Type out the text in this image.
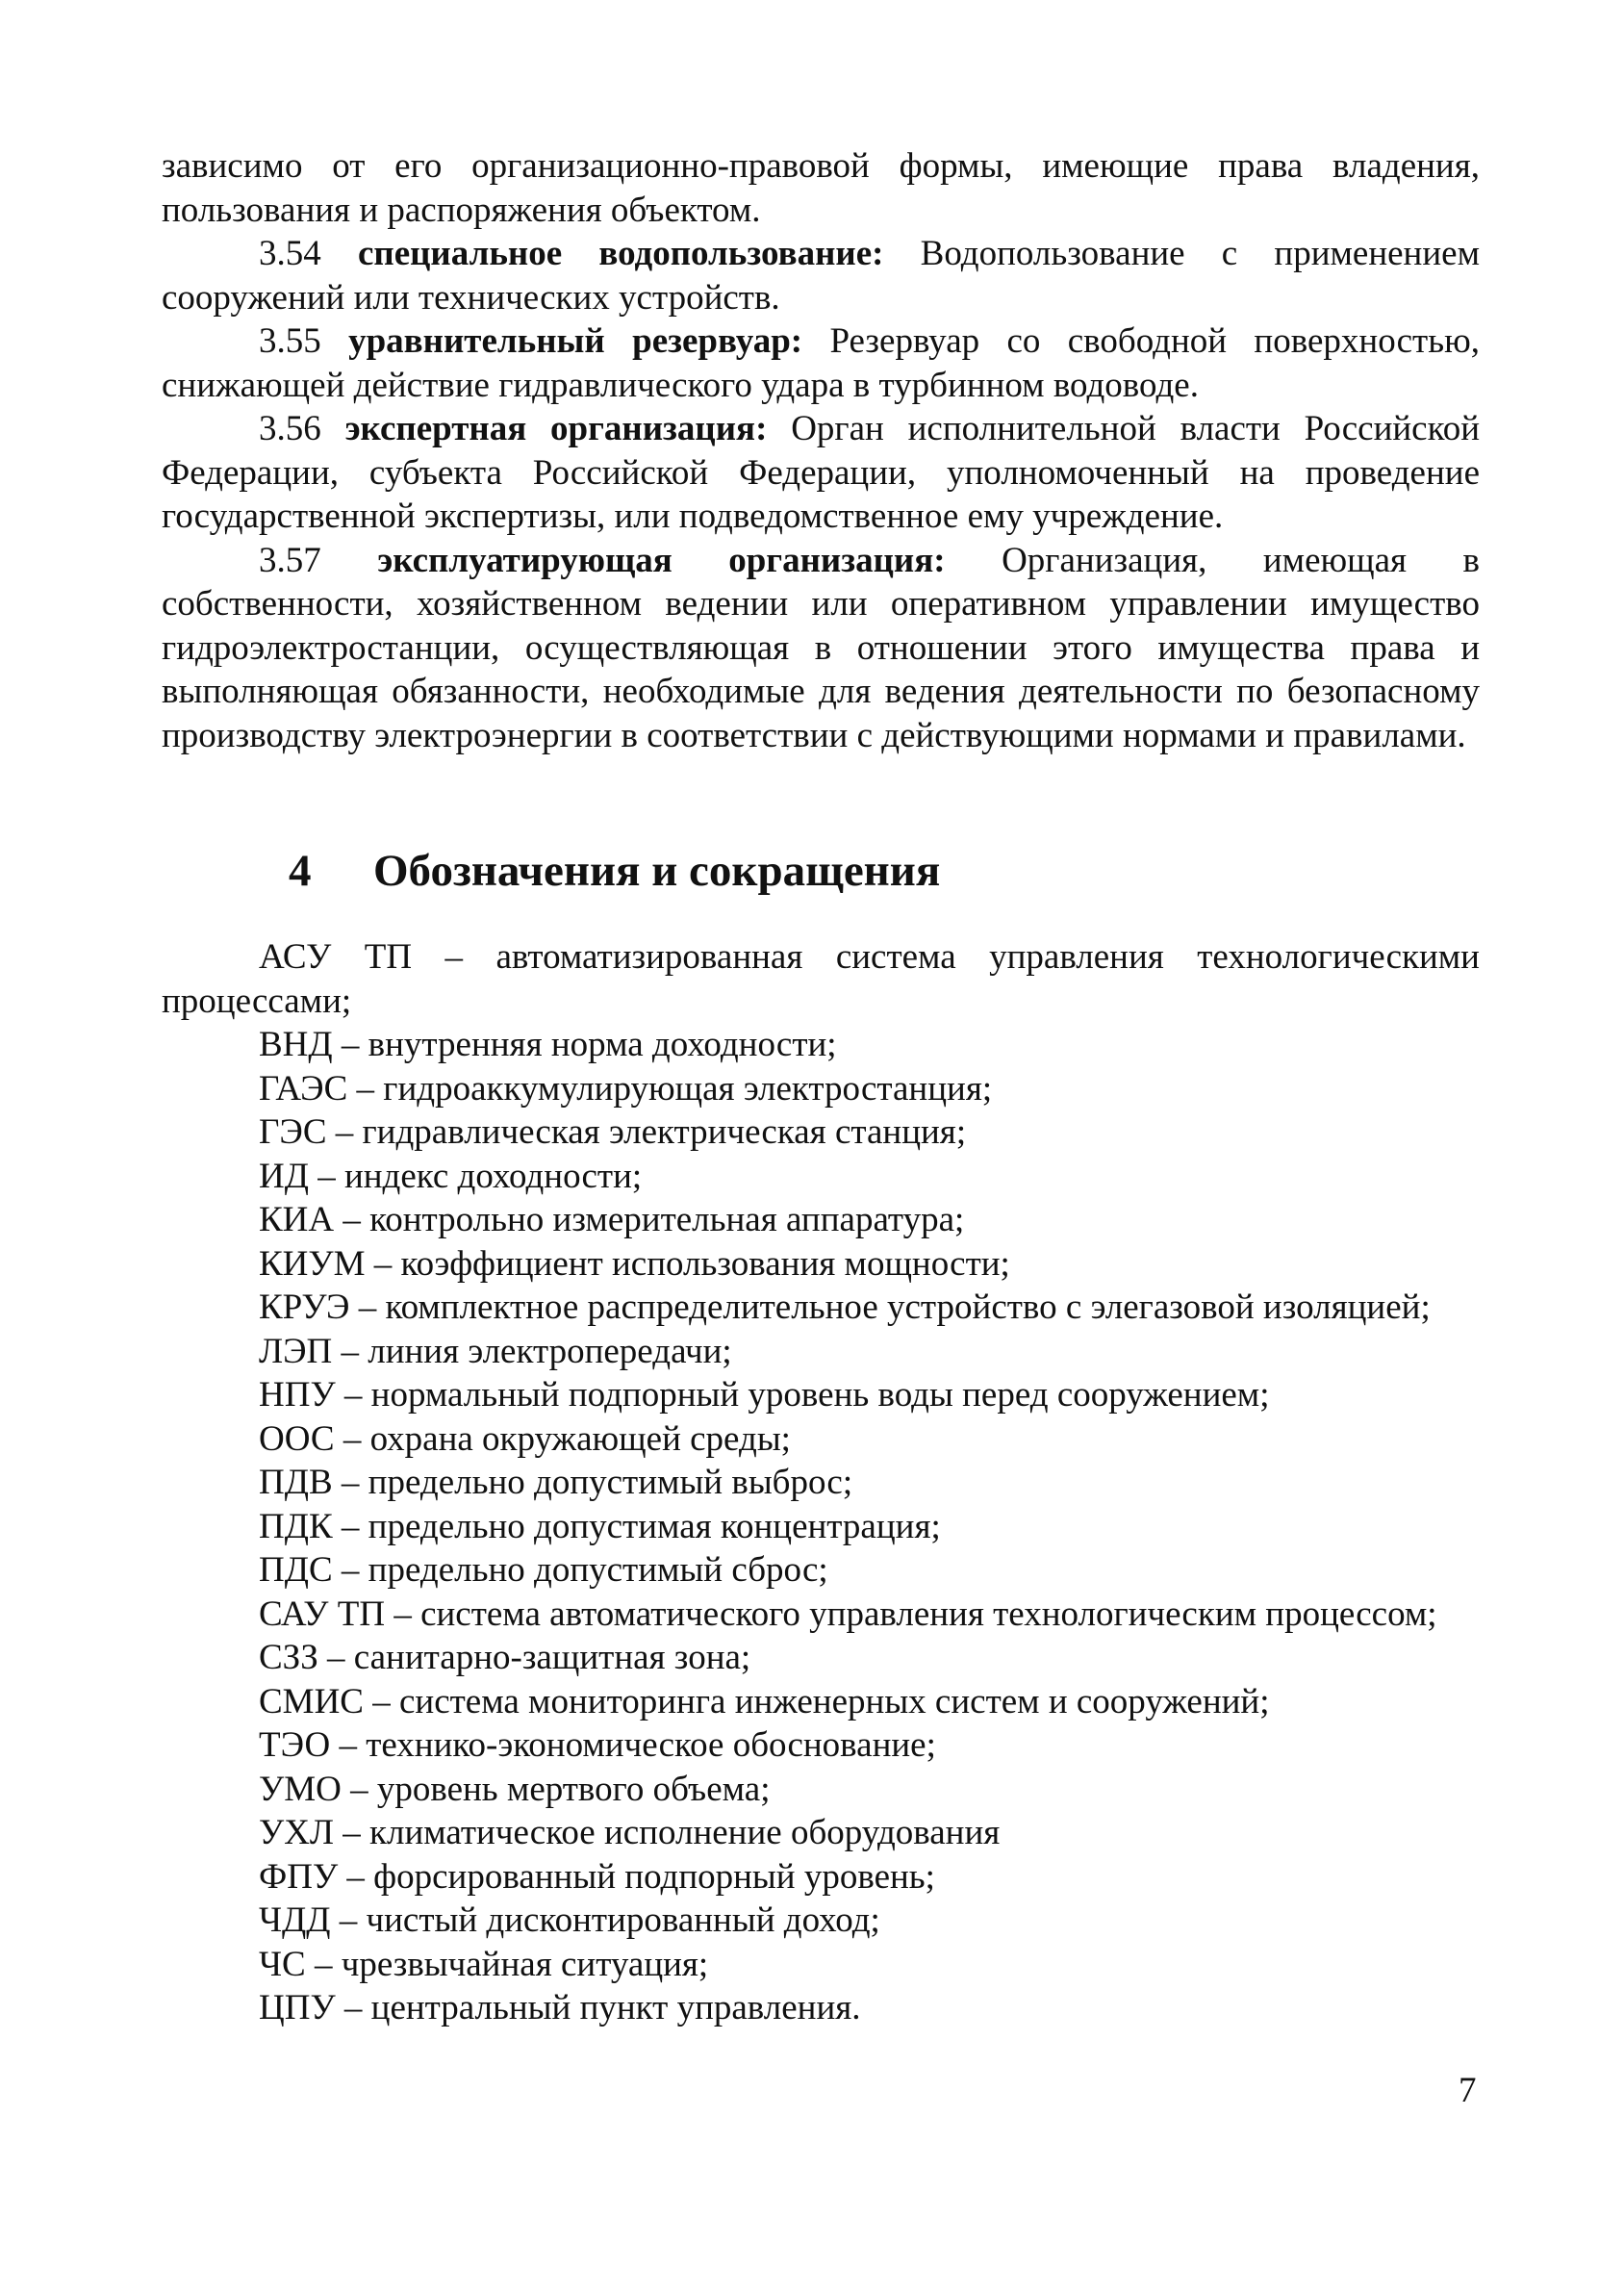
зависимо от его организационно-правовой формы, имеющие права владения, пользования и распоряжения объектом.

3.54 специальное водопользование: Водопользование с применением сооружений или технических устройств.

3.55 уравнительный резервуар: Резервуар со свободной поверхностью, снижающей действие гидравлического удара в турбинном водоводе.

3.56 экспертная организация: Орган исполнительной власти Российской Федерации, субъекта Российской Федерации, уполномоченный на проведение государственной экспертизы, или подведомственное ему учреждение.

3.57 эксплуатирующая организация: Организация, имеющая в собственности, хозяйственном ведении или оперативном управлении имущество гидроэлектростанции, осуществляющая в отношении этого имущества права и выполняющая обязанности, необходимые для ведения деятельности по безопасному производству электроэнергии в соответствии с действующими нормами и правилами.

4 Обозначения и сокращения

АСУ ТП – автоматизированная система управления технологическими процессами;

ВНД – внутренняя норма доходности;

ГАЭС – гидроаккумулирующая электростанция;

ГЭС – гидравлическая электрическая станция;

ИД – индекс доходности;

КИА – контрольно измерительная аппаратура;

КИУМ – коэффициент использования мощности;

КРУЭ – комплектное распределительное устройство с элегазовой изоляцией;

ЛЭП – линия электропередачи;

НПУ – нормальный подпорный уровень воды перед сооружением;

ООС – охрана окружающей среды;

ПДВ – предельно допустимый выброс;

ПДК – предельно допустимая концентрация;

ПДС – предельно допустимый сброс;

САУ ТП – система автоматического управления технологическим процессом;

СЗЗ – санитарно-защитная зона;

СМИС – система мониторинга инженерных систем и сооружений;

ТЭО – технико-экономическое обоснование;

УМО – уровень мертвого объема;

УХЛ – климатическое исполнение оборудования

ФПУ – форсированный подпорный уровень;

ЧДД – чистый дисконтированный доход;

ЧС – чрезвычайная ситуация;

ЦПУ – центральный пункт управления.

7
